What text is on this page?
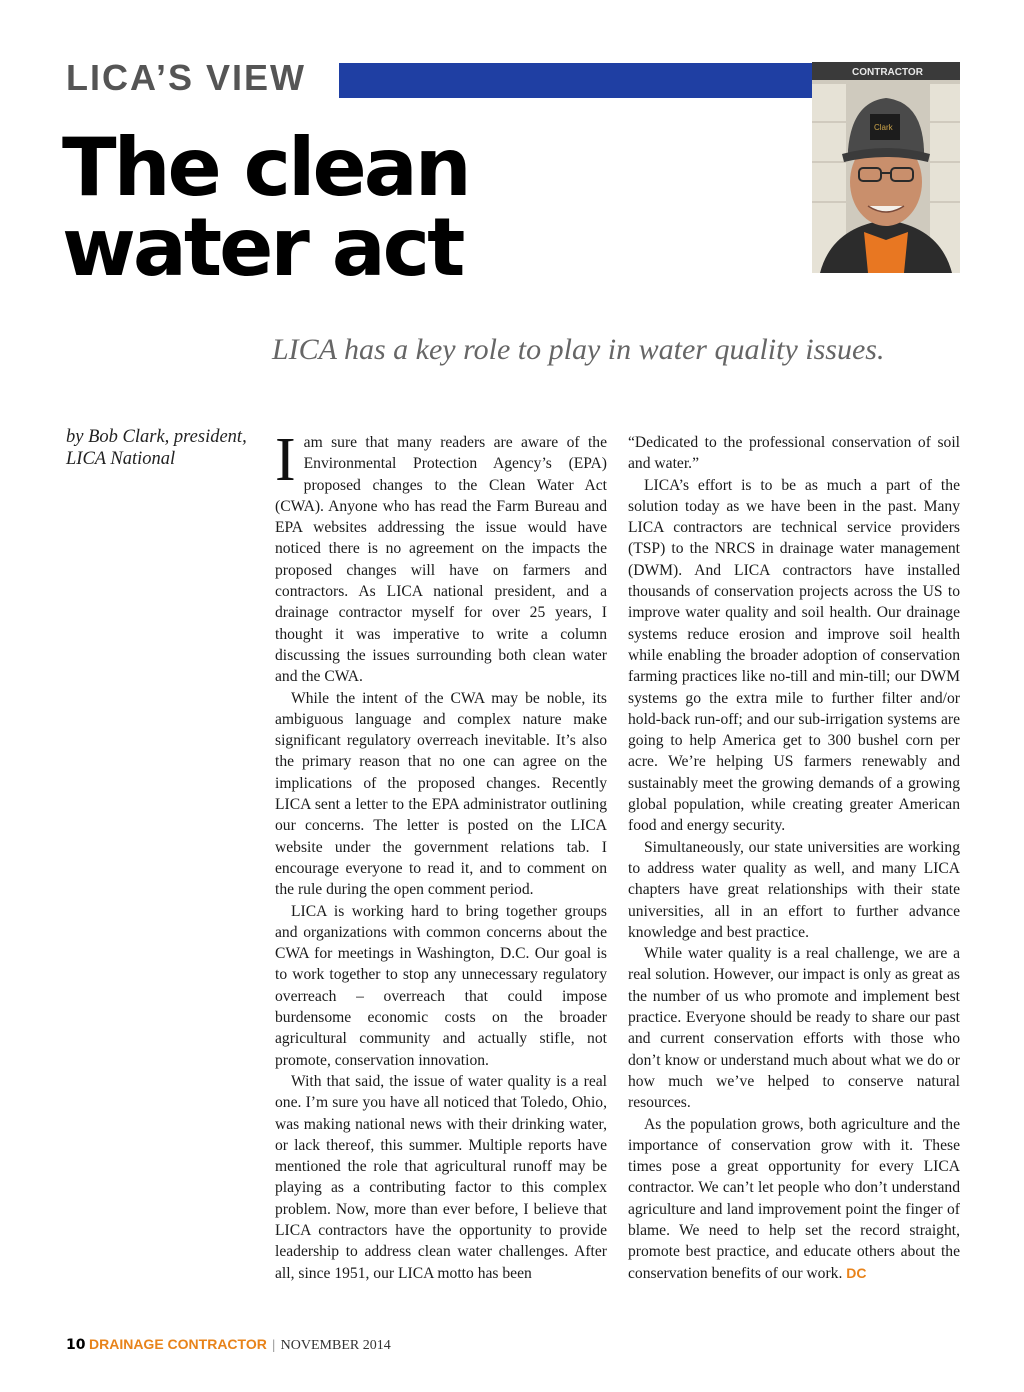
LICA’S VIEW	CONTRACTOR
Clark
The clean
water act

LICA has a key role to play in water quality issues.

by Bob Clark, president,
LICA National	Iam sure that many readers are aware of the Environmental Protection Agency’s (EPA) proposed changes to the Clean Water Act (CWA). Anyone who has read the Farm Bureau and EPA websites addressing the issue would have noticed there is no agreement on the impacts the proposed changes will have on farmers and contractors. As LICA national president, and a drainage contractor myself for over 25 years, I thought it was imperative to write a column discussing the issues surrounding both clean water and the CWA.

While the intent of the CWA may be noble, its ambiguous language and complex nature make significant regulatory overreach inevitable. It’s also the primary reason that no one can agree on the implications of the proposed changes. Recently LICA sent a letter to the EPA administrator outlining our concerns. The letter is posted on the LICA website under the government relations tab. I encourage everyone to read it, and to comment on the rule during the open comment period.

LICA is working hard to bring together groups and organizations with common concerns about the CWA for meetings in Washington, D.C. Our goal is to work together to stop any unnecessary regulatory overreach – overreach that could impose burdensome economic costs on the broader agricultural community and actually stifle, not promote, conservation innovation.

With that said, the issue of water quality is a real one. I’m sure you have all noticed that Toledo, Ohio, was making national news with their drinking water, or lack thereof, this summer. Multiple reports have mentioned the role that agricultural runoff may be playing as a contributing factor to this complex problem. Now, more than ever before, I believe that LICA contractors have the opportunity to provide leadership to address clean water challenges. After all, since 1951, our LICA motto has been

“Dedicated to the professional conservation of soil and water.”

LICA’s effort is to be as much a part of the solution today as we have been in the past. Many LICA contractors are technical service providers (TSP) to the NRCS in drainage water management (DWM). And LICA contractors have installed thousands of conservation projects across the US to improve water quality and soil health. Our drainage systems reduce erosion and improve soil health while enabling the broader adoption of conservation farming practices like no-till and min-till; our DWM systems go the extra mile to further filter and/or hold-back run-off; and our sub-irrigation systems are going to help America get to 300 bushel corn per acre. We’re helping US farmers renewably and sustainably meet the growing demands of a growing global population, while creating greater American food and energy security.

Simultaneously, our state universities are working to address water quality as well, and many LICA chapters have great relationships with their state universities, all in an effort to further advance knowledge and best practice.

While water quality is a real challenge, we are a real solution. However, our impact is only as great as the number of us who promote and implement best practice. Everyone should be ready to share our past and current conservation efforts with those who don’t know or understand much about what we do or how much we’ve helped to conserve natural resources.

As the population grows, both agriculture and the importance of conservation grow with it. These times pose a great opportunity for every LICA contractor. We can’t let people who don’t understand agriculture and land improvement point the finger of blame. We need to help set the record straight, promote best practice, and educate others about the conservation benefits of our work. DC

10 DRAINAGE CONTRACTOR | NOVEMBER 2014
